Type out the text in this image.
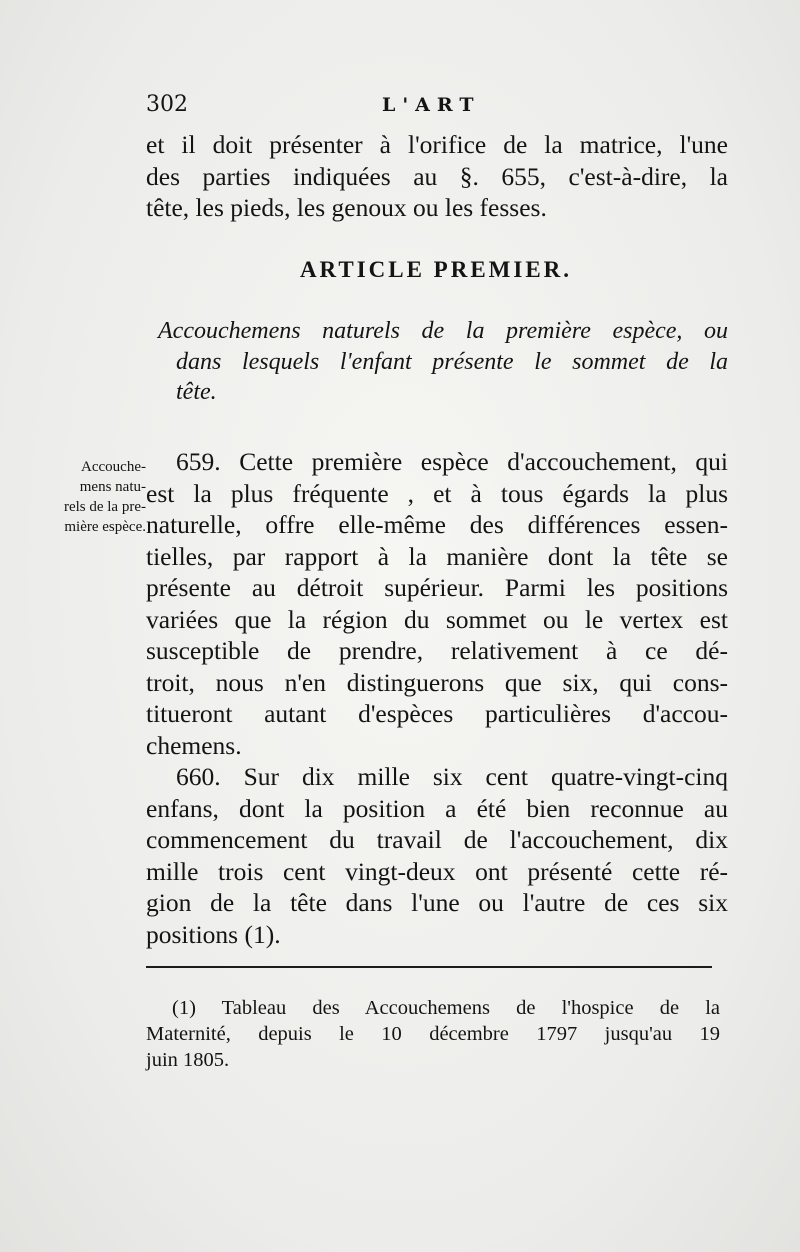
302	L'ART

et il doit présenter à l'orifice de la matrice, l'une
des parties indiquées au §. 655, c'est-à-dire, la
tête, les pieds, les genoux ou les fesses.

ARTICLE PREMIER.

Accouchemens naturels de la première espèce, ou
dans lesquels l'enfant présente le sommet de la
tête.

Accouche-
mens natu-
rels de la pre-
mière espèce.

659. Cette première espèce d'accouchement, qui
est la plus fréquente , et à tous égards la plus
naturelle, offre elle-même des différences essen-
tielles, par rapport à la manière dont la tête se
présente au détroit supérieur. Parmi les positions
variées que la région du sommet ou le vertex est
susceptible de prendre, relativement à ce dé-
troit, nous n'en distinguerons que six, qui cons-
titueront autant d'espèces particulières d'accou-
chemens.

660. Sur dix mille six cent quatre-vingt-cinq
enfans, dont la position a été bien reconnue au
commencement du travail de l'accouchement, dix
mille trois cent vingt-deux ont présenté cette ré-
gion de la tête dans l'une ou l'autre de ces six
positions (1).

(1) Tableau des Accouchemens de l'hospice de la
Maternité, depuis le 10 décembre 1797 jusqu'au 19
juin 1805.
